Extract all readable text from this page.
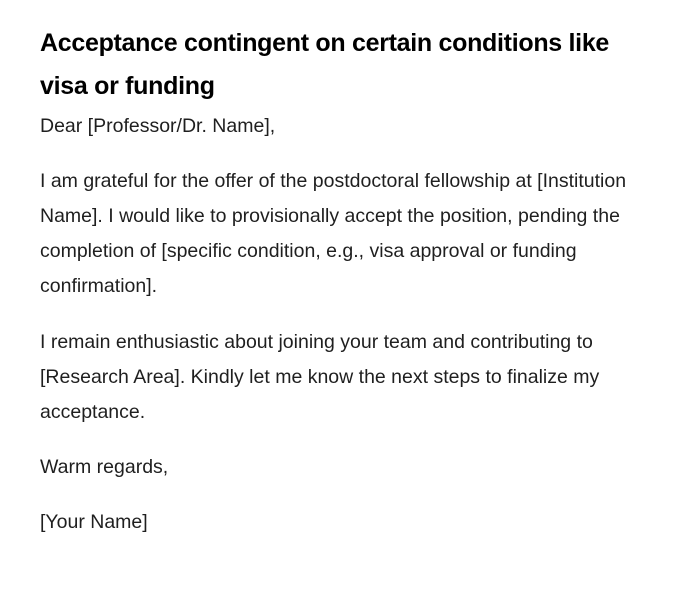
Acceptance contingent on certain conditions like visa or funding

Dear [Professor/Dr. Name],

I am grateful for the offer of the postdoctoral fellowship at [Institution Name]. I would like to provisionally accept the position, pending the completion of [specific condition, e.g., visa approval or funding confirmation].

I remain enthusiastic about joining your team and contributing to [Research Area]. Kindly let me know the next steps to finalize my acceptance.

Warm regards,

[Your Name]
